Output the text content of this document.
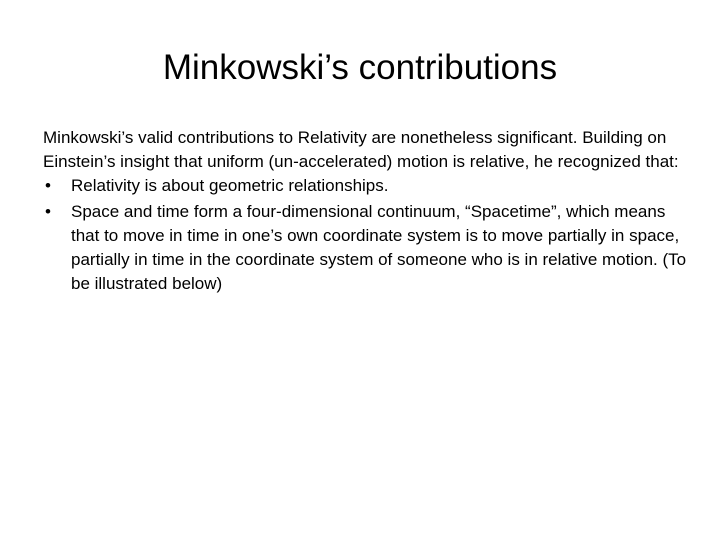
Minkowski’s contributions

Minkowski’s valid contributions to Relativity are nonetheless significant. Building on Einstein’s insight that uniform (un-accelerated) motion is relative, he recognized that:

•	Relativity is about geometric relationships.
•	Space and time form a four-dimensional continuum, “Spacetime”, which means that to move in time in one’s own coordinate system is to move partially in space, partially in time in the coordinate system of someone who is in relative motion. (To be illustrated below)
